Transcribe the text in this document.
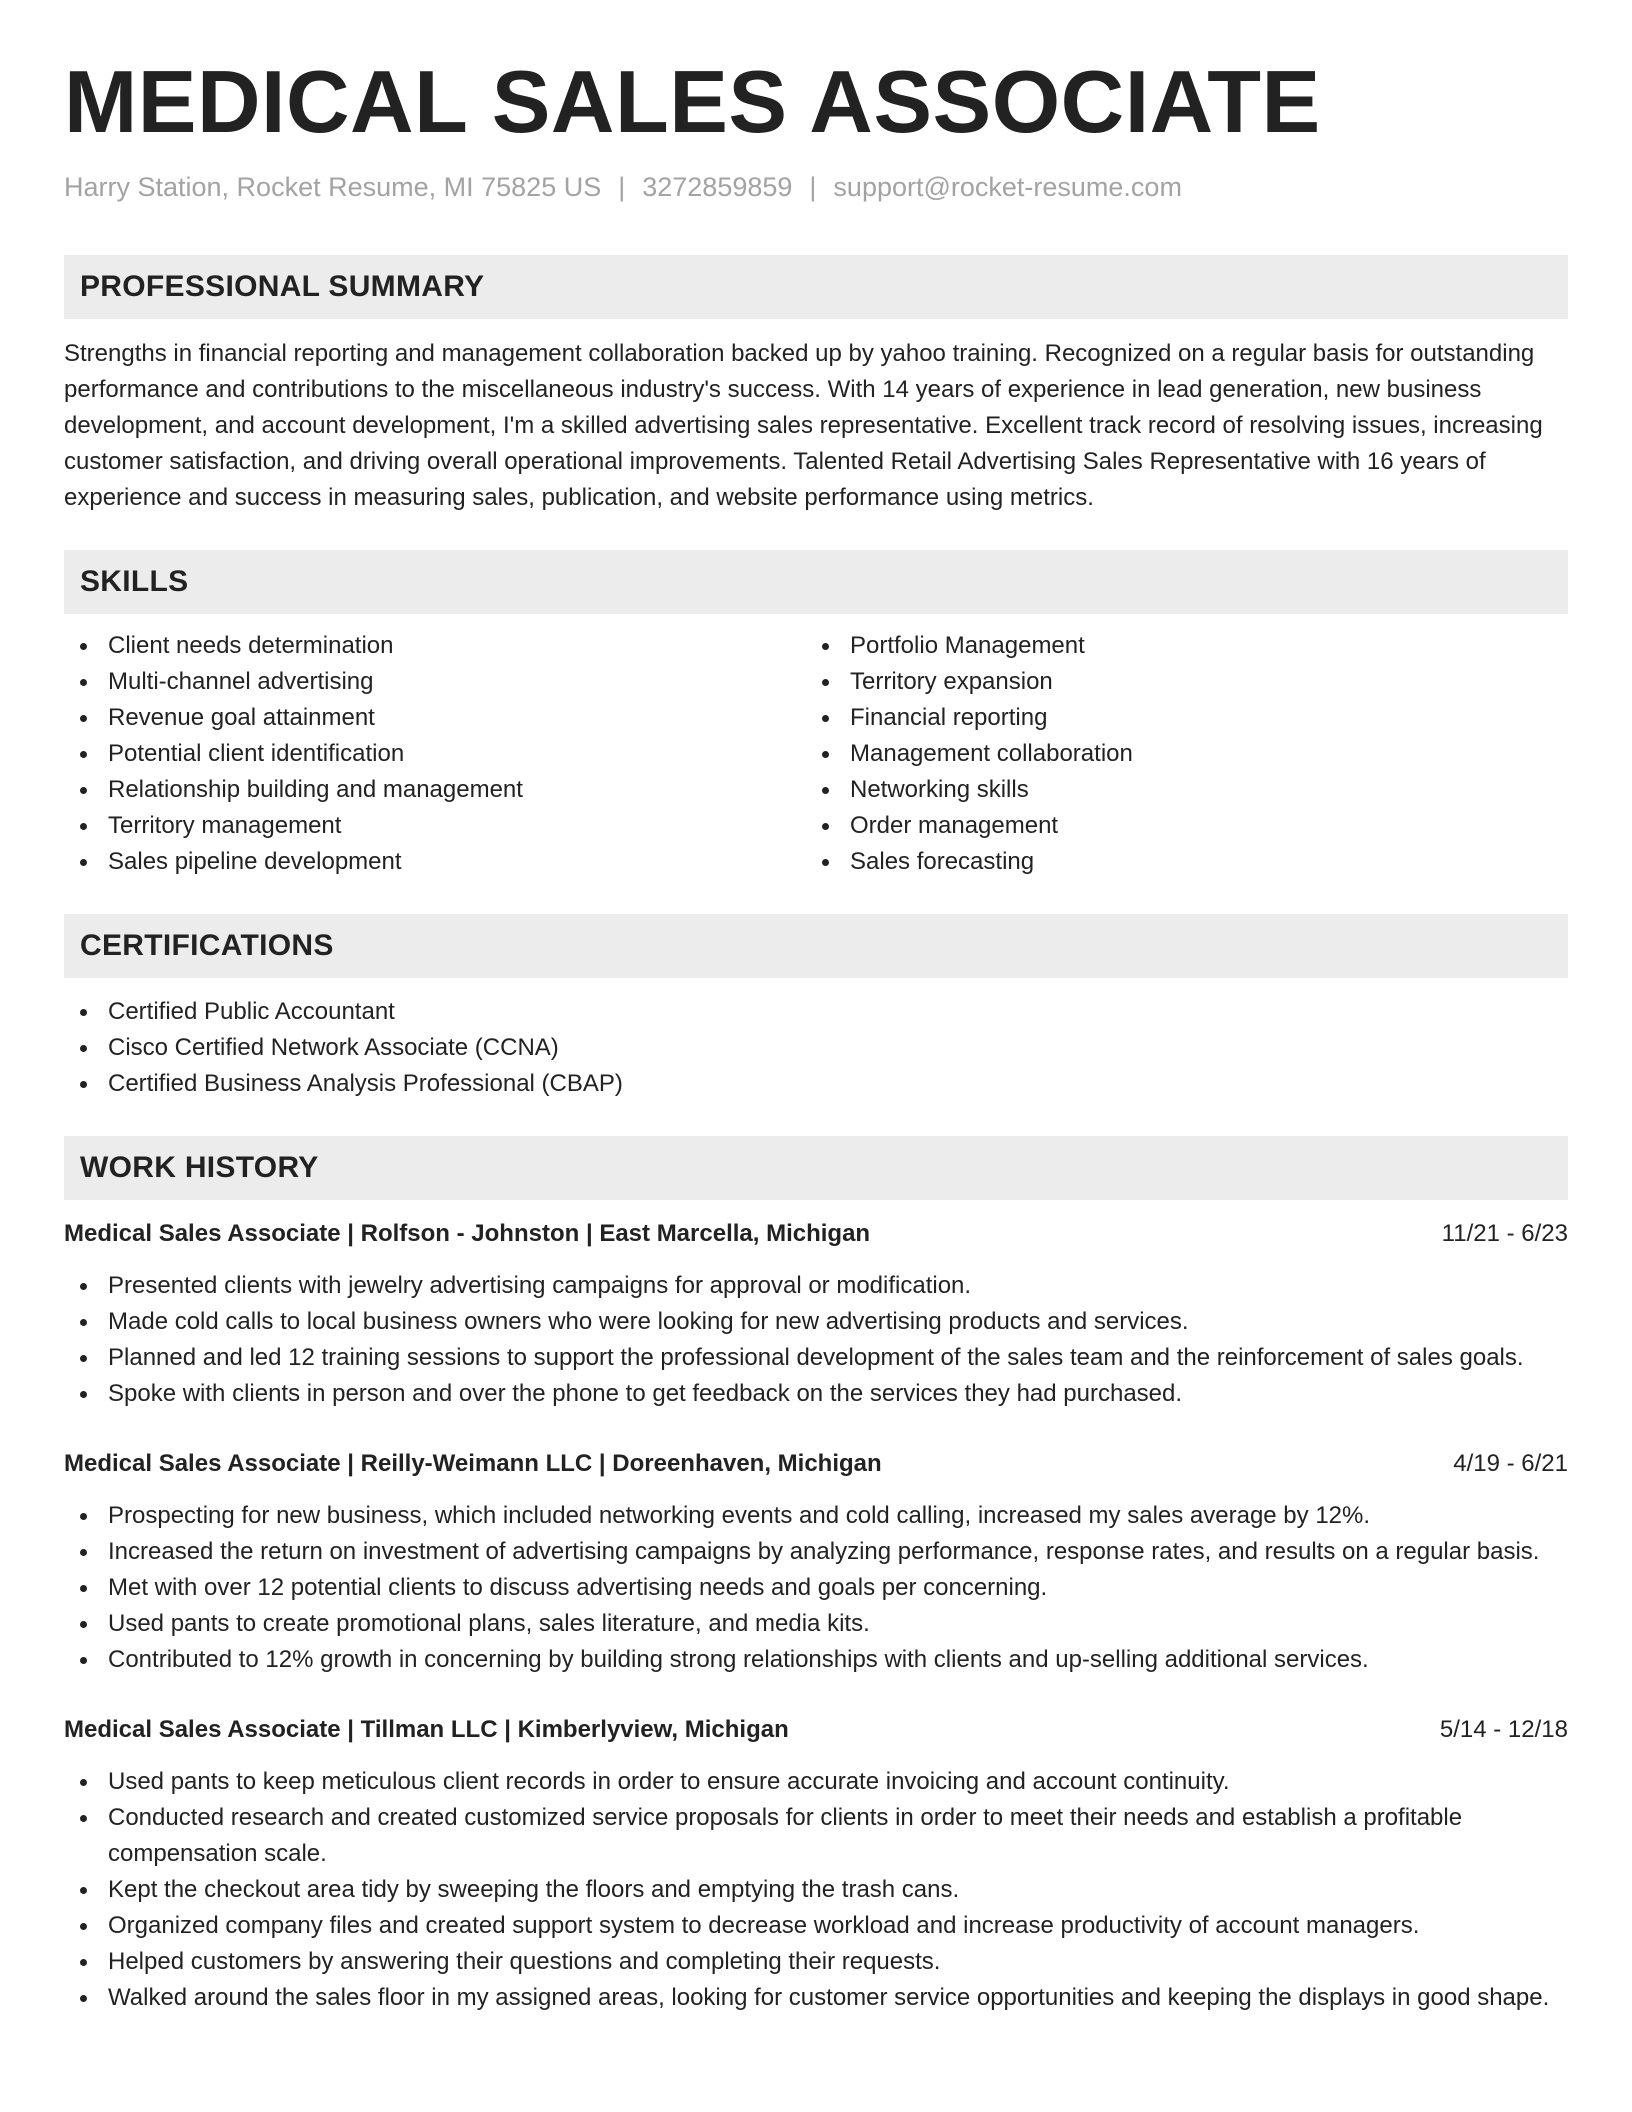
MEDICAL SALES ASSOCIATE
Harry Station, Rocket Resume, MI 75825 US | 3272859859 | support@rocket-resume.com
PROFESSIONAL SUMMARY

Strengths in financial reporting and management collaboration backed up by yahoo training. Recognized on a regular basis for outstanding performance and contributions to the miscellaneous industry's success. With 14 years of experience in lead generation, new business development, and account development, I'm a skilled advertising sales representative. Excellent track record of resolving issues, increasing customer satisfaction, and driving overall operational improvements. Talented Retail Advertising Sales Representative with 16 years of experience and success in measuring sales, publication, and website performance using metrics.

SKILLS
Client needs determination
Multi-channel advertising
Revenue goal attainment
Potential client identification
Relationship building and management
Territory management
Sales pipeline development
Portfolio Management
Territory expansion
Financial reporting
Management collaboration
Networking skills
Order management
Sales forecasting
CERTIFICATIONS
Certified Public Accountant
Cisco Certified Network Associate (CCNA)
Certified Business Analysis Professional (CBAP)
WORK HISTORY
Medical Sales Associate | Rolfson - Johnston | East Marcella, Michigan	11/21 - 6/23
Presented clients with jewelry advertising campaigns for approval or modification.
Made cold calls to local business owners who were looking for new advertising products and services.
Planned and led 12 training sessions to support the professional development of the sales team and the reinforcement of sales goals.
Spoke with clients in person and over the phone to get feedback on the services they had purchased.
Medical Sales Associate | Reilly-Weimann LLC | Doreenhaven, Michigan	4/19 - 6/21
Prospecting for new business, which included networking events and cold calling, increased my sales average by 12%.
Increased the return on investment of advertising campaigns by analyzing performance, response rates, and results on a regular basis.
Met with over 12 potential clients to discuss advertising needs and goals per concerning.
Used pants to create promotional plans, sales literature, and media kits.
Contributed to 12% growth in concerning by building strong relationships with clients and up-selling additional services.
Medical Sales Associate | Tillman LLC | Kimberlyview, Michigan	5/14 - 12/18
Used pants to keep meticulous client records in order to ensure accurate invoicing and account continuity.
Conducted research and created customized service proposals for clients in order to meet their needs and establish a profitable compensation scale.
Kept the checkout area tidy by sweeping the floors and emptying the trash cans.
Organized company files and created support system to decrease workload and increase productivity of account managers.
Helped customers by answering their questions and completing their requests.
Walked around the sales floor in my assigned areas, looking for customer service opportunities and keeping the displays in good shape.
